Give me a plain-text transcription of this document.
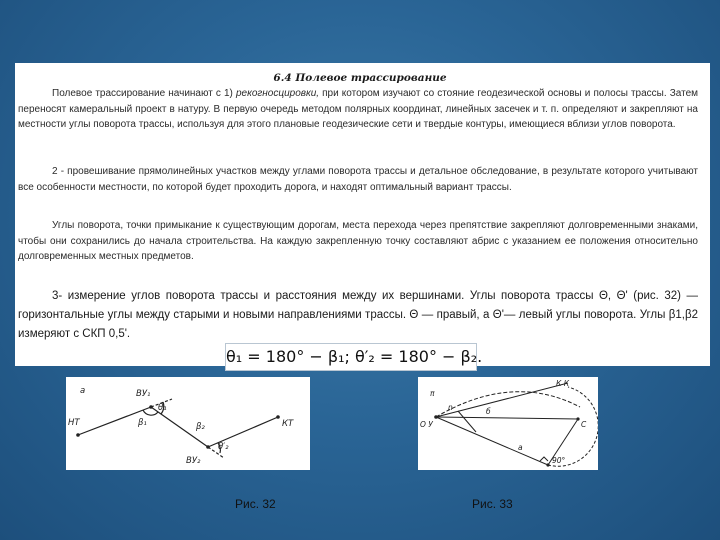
6.4 Полевое трассирование

Полевое трассирование начинают с 1) рекогносцировки, при котором изучают со стояние геодезической основы и полосы трассы. Затем переносят камеральный проект в натуру. В первую очередь методом полярных координат, линейных засечек и т. п. определяют и закрепляют на местности углы поворота трассы, используя для этого плановые геодезические сети и твердые контуры, имеющиеся вблизи углов поворота.

2 - провешивание прямолинейных участков между углами поворота трассы и детальное обследование, в результате которого учитывают все особенности местности, по которой будет проходить дорога, и находят оптимальный вариант трассы.

Углы поворота, точки примыкание к существующим дорогам, места перехода через препятствие закрепляют долговременными знаками, чтобы они сохранились до начала строительства. На каждую закрепленную точку составляют абрис с указанием ее положения относительно долговременных местных предметов.

3- измерение углов поворота трассы и расстояния между их вершинами. Углы поворота трассы Θ, Θ' (рис. 32) — горизонтальные углы между старыми и новыми направлениями трассы. Θ — правый, а Θ'— левый углы поворота. Углы β1,β2 измеряют с СКП 0,5'.

θ₁ = 180° − β₁; θ′₂ = 180° − β₂.
a
НТ
ВУ₁
θ₁
β₁	β₂
ВУ₂
θ′₂
КТ
π
К К
О У
n	б
а
С
90°

Рис. 32	Рис. 33
